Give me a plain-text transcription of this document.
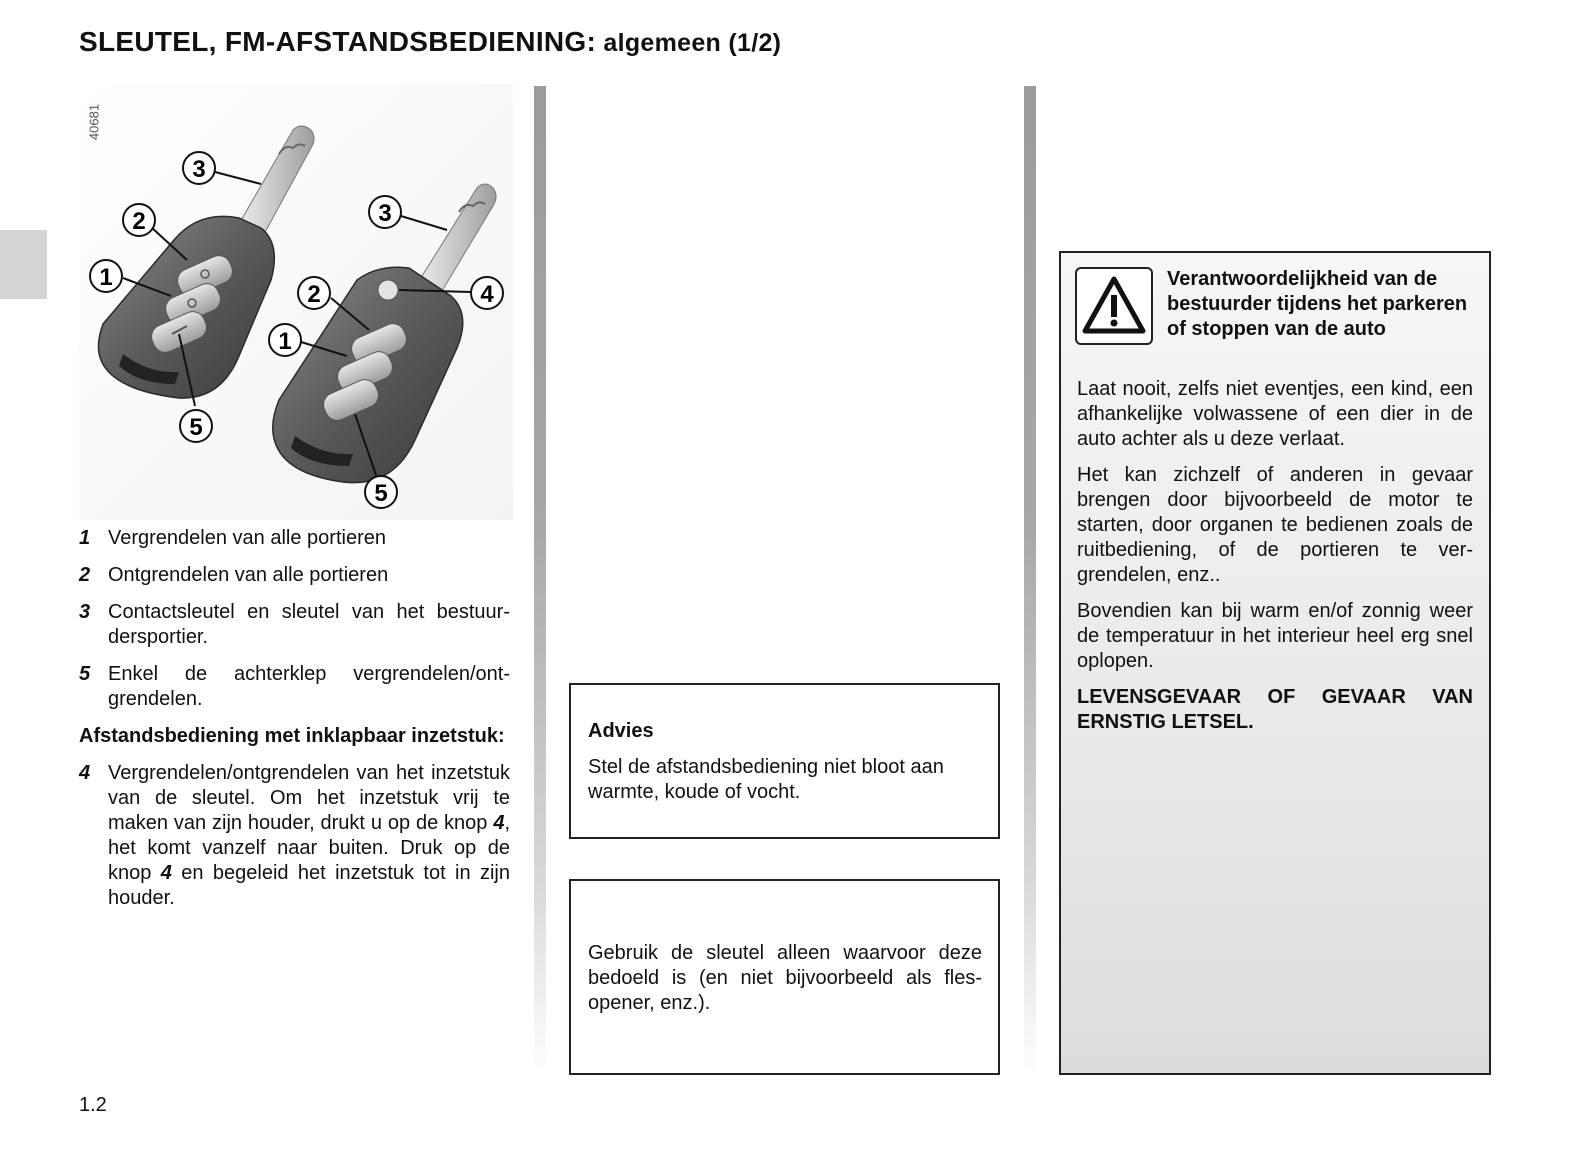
SLEUTEL, FM-AFSTANDSBEDIENING: algemeen (1/2)
3
2
1
5
3
2	4
1
5
40681
1 Vergrendelen van alle portieren
2 Ontgrendelen van alle portieren
3 Contactsleutel en sleutel van het bestuurdersportier.
5 Enkel de achterklep vergrendelen/ontgrendelen.
Afstandsbediening met inklapbaar inzetstuk:
4 Vergrendelen/ontgrendelen van het inzetstuk van de sleutel. Om het inzetstuk vrij te maken van zijn houder, drukt u op de knop 4, het komt vanzelf naar buiten. Druk op de knop 4 en begeleid het inzetstuk tot in zijn houder.
Advies

Stel de afstandsbediening niet bloot aan warmte, koude of vocht.

Gebruik de sleutel alleen waarvoor deze bedoeld is (en niet bijvoorbeeld als flesopener, enz.).

Verantwoordelijkheid van de bestuurder tijdens het parkeren of stoppen van de auto

Laat nooit, zelfs niet eventjes, een kind, een afhankelijke volwassene of een dier in de auto achter als u deze verlaat.

Het kan zichzelf of anderen in gevaar brengen door bijvoorbeeld de motor te starten, door organen te bedienen zoals de ruitbediening, of de portieren te vergrendelen, enz..

Bovendien kan bij warm en/of zonnig weer de temperatuur in het interieur heel erg snel oplopen.

LEVENSGEVAAR OF GEVAAR VAN ERNSTIG LETSEL.

1.2
